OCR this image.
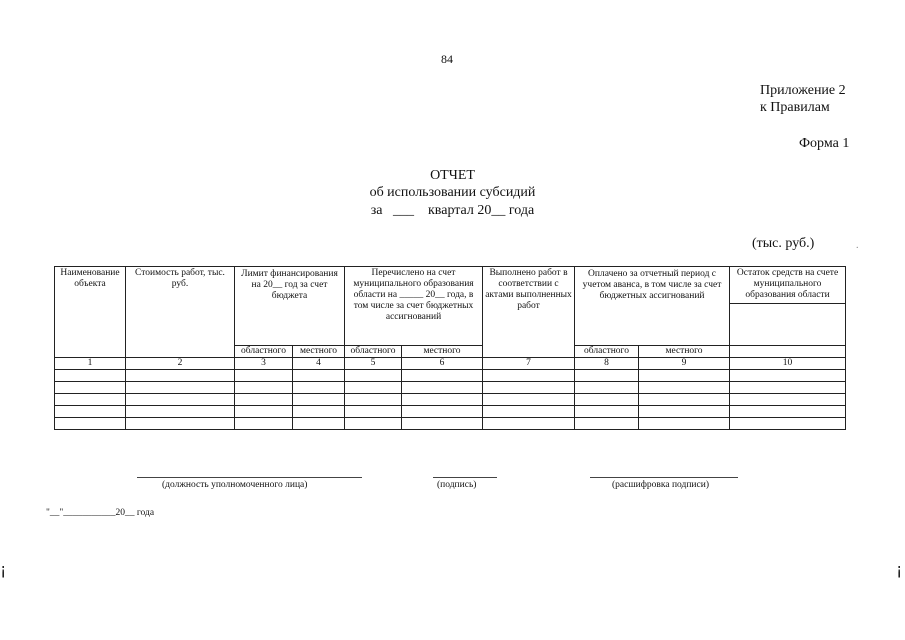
84
Приложение 2
к Правилам
Форма 1
ОТЧЕТ
об использовании субсидий
за   ___    квартал 20__ года
(тыс. руб.)	.
Наименование объекта	Стоимость работ, тыс. руб.	Лимит финансирования на 20__ год за счет бюджета		Перечислено на счет муниципального образования области на _____ 20__ года, в том числе за счет бюджетных ассигнований		Выполнено работ в соответствии с актами выполненных работ	Оплачено за отчетный период с учетом аванса, в том числе за счет бюджетных ассигнований		Остаток средств на счете муниципального образования области

		областного	местного	областного	местного		областного	местного	
1	2	3	4	5	6	7	8	9	10

(должность уполномоченного лица)	(подпись)	(расшифровка подписи)
"__"___________20__ года
¡	¡
